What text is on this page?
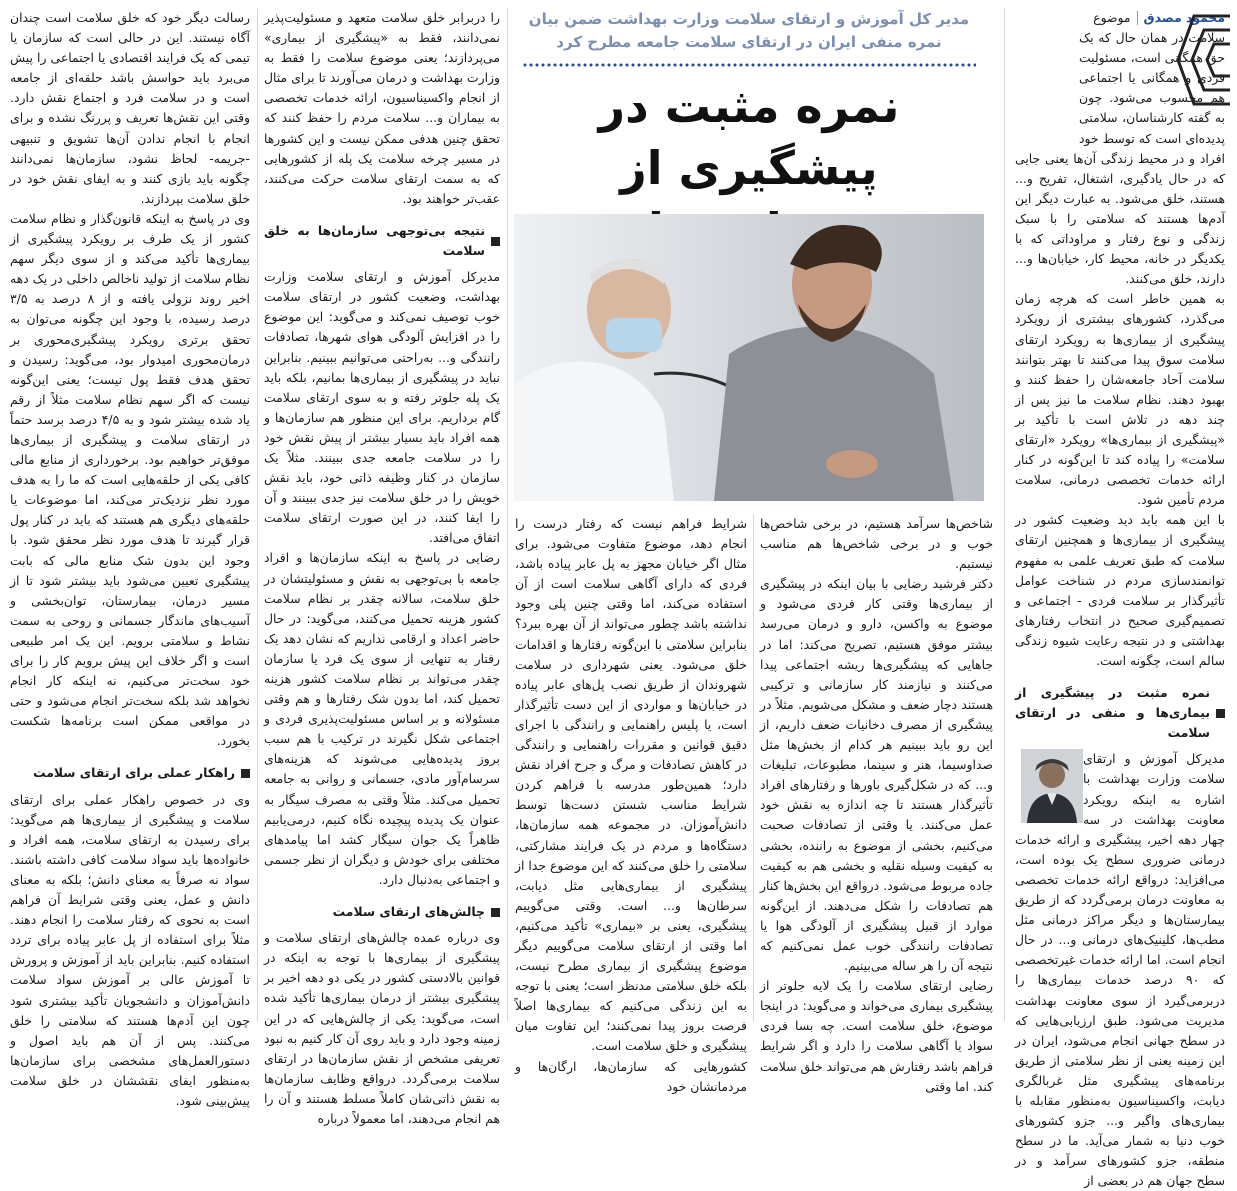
محمود مصدق
موضوع

سلامت در همان حال که یک حق همگانی است، مسئولیت فردی و همگانی یا اجتماعی هم محسوب می‌شود. چون به گفته کارشناسان، سلامتی پدیده‌ای است که توسط خود افراد و در محیط زندگی آن‌ها یعنی جایی که در حال یادگیری، اشتغال، تفریح و... هستند، خلق می‌شود. به عبارت دیگر این آدم‌ها هستند که سلامتی را با سبک زندگی و نوع رفتار و مراوداتی که با یکدیگر در خانه، محیط کار، خیابان‌ها و... دارند، خلق می‌کنند.

به همین خاطر است که هرچه زمان می‌گذرد، کشورهای بیشتری از رویکرد پیشگیری از بیماری‌ها به رویکرد ارتقای سلامت سوق پیدا می‌کنند تا بهتر بتوانند سلامت آحاد جامعه‌شان را حفظ کنند و بهبود دهند. نظام سلامت ما نیز پس از چند دهه در تلاش است با تأکید بر «پیشگیری از بیماری‌ها» رویکرد «ارتقای سلامت» را پیاده کند تا این‌گونه در کنار ارائه خدمات تخصصی درمانی، سلامت مردم تأمین شود.

با این همه باید دید وضعیت کشور در پیشگیری از بیماری‌ها و همچنین ارتقای سلامت که طبق تعریف علمی به مفهوم توانمندسازی مردم در شناخت عوامل تأثیرگذار بر سلامت فردی - اجتماعی و تصمیم‌گیری صحیح در انتخاب رفتارهای بهداشتی و در نتیجه رعایت شیوه زندگی سالم است، چگونه است.

نمره مثبت در پیشگیری از بیماری‌ها و منفی در ارتقای سلامت

مدیرکل آموزش و ارتقای سلامت وزارت بهداشت با اشاره به اینکه رویکرد معاونت بهداشت در سه چهار دهه اخیر، پیشگیری و ارائه خدمات درمانی ضروری سطح یک بوده است، می‌افزاید: درواقع ارائه خدمات تخصصی به معاونت درمان برمی‌گردد که از طریق بیمارستان‌ها و دیگر مراکز درمانی مثل مطب‌ها، کلینیک‌های درمانی و... در حال انجام است. اما ارائه خدمات غیرتخصصی که ۹۰ درصد خدمات بیماری‌ها را دربرمی‌گیرد از سوی معاونت بهداشت مدیریت می‌شود. طبق ارزیابی‌هایی که در سطح جهانی انجام می‌شود، ایران در این زمینه یعنی از نظر سلامتی از طریق برنامه‌های پیشگیری مثل غربالگری دیابت، واکسیناسیون به‌منظور مقابله با بیماری‌های واگیر و... جزو کشورهای خوب دنیا به شمار می‌آید. ما در سطح منطقه، جزو کشورهای سرآمد و در سطح جهان هم در بعضی از

مدیر کل آموزش و ارتقای سلامت وزارت بهداشت ضمن بیان نمره منفی ایران در ارتقای سلامت جامعه مطرح کرد
نمره مثبت در پیشگیری از

شاخص‌ها سرآمد هستیم، در برخی شاخص‌ها خوب و در برخی شاخص‌ها هم مناسب نیستیم.

دکتر فرشید رضایی با بیان اینکه در پیشگیری از بیماری‌ها وقتی کار فردی می‌شود و موضوع به واکسن، دارو و درمان می‌رسد بیشتر موفق هستیم، تصریح می‌کند: اما در جاهایی که پیشگیری‌ها ریشه اجتماعی پیدا می‌کنند و نیازمند کار سازمانی و ترکیبی هستند دچار ضعف و مشکل می‌شویم. مثلاً در پیشگیری از مصرف دخانیات ضعف داریم، از این رو باید ببینیم هر کدام از بخش‌ها مثل صداوسیما، هنر و سینما، مطبوعات، تبلیغات و... که در شکل‌گیری باورها و رفتارهای افراد تأثیرگذار هستند تا چه اندازه به نقش خود عمل می‌کنند. یا وقتی از تصادفات صحبت می‌کنیم، بخشی از موضوع به راننده، بخشی به کیفیت وسیله نقلیه و بخشی هم به کیفیت جاده مربوط می‌شود. درواقع این بخش‌ها کنار هم تصادفات را شکل می‌دهند. از این‌گونه موارد از قبیل پیشگیری از آلودگی هوا یا تصادفات رانندگی خوب عمل نمی‌کنیم که نتیجه آن را هر ساله می‌بینیم.

رضایی ارتقای سلامت را یک لایه جلوتر از پیشگیری بیماری می‌خواند و می‌گوید: در اینجا موضوع، خلق سلامت است. چه بسا فردی سواد یا آگاهی سلامت را دارد و اگر شرایط فراهم باشد رفتارش هم می‌تواند خلق سلامت کند. اما وقتی

شرایط فراهم نیست که رفتار درست را انجام دهد، موضوع متفاوت می‌شود. برای مثال اگر خیابان مجهز به پل عابر پیاده باشد، فردی که دارای آگاهی سلامت است از آن استفاده می‌کند، اما وقتی چنین پلی وجود نداشته باشد چطور می‌تواند از آن بهره ببرد؟ بنابراین سلامتی با این‌گونه رفتارها و اقدامات خلق می‌شود. یعنی شهرداری در سلامت شهروندان از طریق نصب پل‌های عابر پیاده در خیابان‌ها و مواردی از این دست تأثیرگذار است، یا پلیس راهنمایی و رانندگی با اجرای دقیق قوانین و مقررات راهنمایی و رانندگی در کاهش تصادفات و مرگ و جرح افراد نقش دارد؛ همین‌طور مدرسه با فراهم کردن شرایط مناسب شستن دست‌ها توسط دانش‌آموزان. در مجموعه همه سازمان‌ها، دستگاه‌ها و مردم در یک فرایند مشارکتی، سلامتی را خلق می‌کنند که این موضوع جدا از پیشگیری از بیماری‌هایی مثل دیابت، سرطان‌ها و... است. وقتی می‌گوییم پیشگیری، یعنی بر «بیماری» تأکید می‌کنیم، اما وقتی از ارتقای سلامت می‌گوییم دیگر موضوع پیشگیری از بیماری مطرح نیست، بلکه خلق سلامتی مدنظر است؛ یعنی با توجه به این زندگی می‌کنیم که بیماری‌ها اصلاً فرصت بروز پیدا نمی‌کنند؛ این تفاوت میان پیشگیری و خلق سلامت است.

کشورهایی که سازمان‌ها، ارگان‌ها و مردمانشان خود

را دربرابر خلق سلامت متعهد و مسئولیت‌پذیر نمی‌دانند، فقط به «پیشگیری از بیماری» می‌پردازند؛ یعنی موضوع سلامت را فقط به وزارت بهداشت و درمان می‌آورند تا برای مثال از انجام واکسیناسیون، ارائه خدمات تخصصی به بیماران و... سلامت مردم را حفظ کنند که تحقق چنین هدفی ممکن نیست و این کشورها در مسیر چرخه سلامت یک پله از کشورهایی که به سمت ارتقای سلامت حرکت می‌کنند، عقب‌تر خواهند بود.

نتیجه بی‌توجهی سازمان‌ها به خلق سلامت

مدیرکل آموزش و ارتقای سلامت وزارت بهداشت، وضعیت کشور در ارتقای سلامت خوب توصیف نمی‌کند و می‌گوید: این موضوع را در افزایش آلودگی هوای شهرها، تصادفات رانندگی و... به‌راحتی می‌توانیم ببینیم. بنابراین نباید در پیشگیری از بیماری‌ها بمانیم، بلکه باید یک پله جلوتر رفته و به سوی ارتقای سلامت گام برداریم. برای این منظور هم سازمان‌ها و همه افراد باید بسیار بیشتر از پیش نقش خود را در سلامت جامعه جدی ببینند. مثلاً یک سازمان در کنار وظیفه ذاتی خود، باید نقش خویش را در خلق سلامت نیز جدی ببینند و آن را ایفا کنند، در این صورت ارتقای سلامت اتفاق می‌افتد.

رضایی در پاسخ به اینکه سازمان‌ها و افراد جامعه با بی‌توجهی به نقش و مسئولیتشان در خلق سلامت، سالانه چقدر بر نظام سلامت کشور هزینه تحمیل می‌کنند، می‌گوید: در حال حاضر اعداد و ارقامی نداریم که نشان دهد یک رفتار به تنهایی از سوی یک فرد یا سازمان چقدر می‌تواند بر نظام سلامت کشور هزینه تحمیل کند، اما بدون شک رفتارها و هم وقتی مسئولانه و بر اساس مسئولیت‌پذیری فردی و اجتماعی شکل نگیرند در ترکیب با هم سبب بروز پدیده‌هایی می‌شوند که هزینه‌های سرسام‌آور مادی، جسمانی و روانی به جامعه تحمیل می‌کند. مثلاً وقتی به مصرف سیگار به عنوان یک پدیده پیچیده نگاه کنیم، درمی‌یابیم ظاهراً یک جوان سیگار کشد اما پیامدهای مختلفی برای خودش و دیگران از نظر جسمی و اجتماعی به‌دنبال دارد.

چالش‌های ارتقای سلامت

وی درباره عمده چالش‌های ارتقای سلامت و پیشگیری از بیماری‌ها با توجه به اینکه در قوانین بالادستی کشور در یکی دو دهه اخیر بر پیشگیری بیشتر از درمان بیماری‌ها تأکید شده است، می‌گوید: یکی از چالش‌هایی که در این زمینه وجود دارد و باید روی آن کار کنیم به نبود تعریفی مشخص از نقش سازمان‌ها در ارتقای سلامت برمی‌گردد. درواقع وظایف سازمان‌ها به نقش ذاتی‌شان کاملاً مسلط هستند و آن را هم انجام می‌دهند، اما معمولاً درباره

رسالت دیگر خود که خلق سلامت است چندان آگاه نیستند. این در حالی است که سازمان یا تیمی که یک فرایند اقتصادی یا اجتماعی را پیش می‌برد باید حواسش باشد حلقه‌ای از جامعه است و در سلامت فرد و اجتماع نقش دارد. وقتی این نقش‌ها تعریف و پررنگ نشده و برای انجام با انجام ندادن آن‌ها تشویق و تنبیهی -جریمه- لحاظ نشود، سازمان‌ها نمی‌دانند چگونه باید بازی کنند و به ایفای نقش خود در خلق سلامت بپردازند.

وی در پاسخ به اینکه قانون‌گذار و نظام سلامت کشور از یک طرف بر رویکرد پیشگیری از بیماری‌ها تأکید می‌کند و از سوی دیگر سهم نظام سلامت از تولید ناخالص داخلی در یک دهه اخیر روند نزولی یافته و از ۸ درصد به ۳/۵ درصد رسیده، با وجود این چگونه می‌توان به تحقق برتری رویکرد پیشگیری‌محوری بر درمان‌محوری امیدوار بود، می‌گوید: رسیدن و تحقق هدف فقط پول نیست؛ یعنی این‌گونه نیست که اگر سهم نظام سلامت مثلاً از رقم یاد شده بیشتر شود و به ۴/۵ درصد برسد حتماً در ارتقای سلامت و پیشگیری از بیماری‌ها موفق‌تر خواهیم بود. برخورداری از منابع مالی کافی یکی از حلقه‌هایی است که ما را به هدف مورد نظر نزدیک‌تر می‌کند، اما موضوعات یا حلقه‌های دیگری هم هستند که باید در کنار پول قرار گیرند تا هدف مورد نظر محقق شود. با وجود این بدون شک منابع مالی که بابت پیشگیری تعیین می‌شود باید بیشتر شود تا از مسیر درمان، بیمارستان، توان‌بخشی و آسیب‌های ماندگار جسمانی و روحی به سمت نشاط و سلامتی برویم. این یک امر طبیعی است و اگر خلاف این پیش برویم کار را برای خود سخت‌تر می‌کنیم، نه اینکه کار انجام نخواهد شد بلکه سخت‌تر انجام می‌شود و حتی در مواقعی ممکن است برنامه‌ها شکست بخورد.

راهکار عملی برای ارتقای سلامت

وی در خصوص راهکار عملی برای ارتقای سلامت و پیشگیری از بیماری‌ها هم می‌گوید: برای رسیدن به ارتقای سلامت، همه افراد و خانواده‌ها باید سواد سلامت کافی داشته باشند. سواد نه صرفاً به معنای دانش؛ بلکه به معنای دانش و عمل، یعنی وقتی شرایط آن فراهم است به نحوی که رفتار سلامت را انجام دهند. مثلاً برای استفاده از پل عابر پیاده برای تردد استفاده کنیم. بنابراین باید از آموزش و پرورش تا آموزش عالی بر آموزش سواد سلامت دانش‌آموزان و دانشجویان تأکید بیشتری شود چون این آدم‌ها هستند که سلامتی را خلق می‌کنند. پس از آن هم باید اصول و دستورالعمل‌های مشخصی برای سازمان‌ها به‌منظور ایفای نقششان در خلق سلامت پیش‌بینی شود.
